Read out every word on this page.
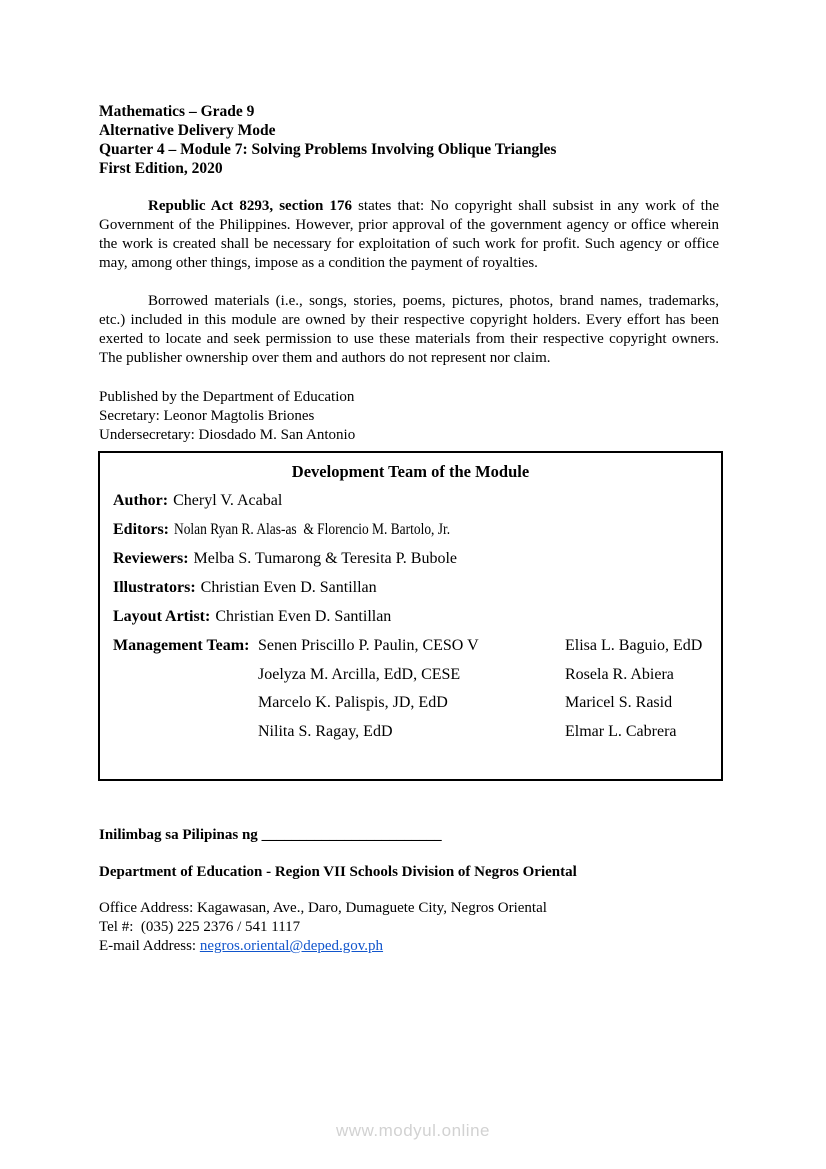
Mathematics – Grade 9
Alternative Delivery Mode
Quarter 4 – Module 7: Solving Problems Involving Oblique Triangles
First Edition, 2020

Republic Act 8293, section 176 states that: No copyright shall subsist in any work of the Government of the Philippines. However, prior approval of the government agency or office wherein the work is created shall be necessary for exploitation of such work for profit. Such agency or office may, among other things, impose as a condition the payment of royalties.

Borrowed materials (i.e., songs, stories, poems, pictures, photos, brand names, trademarks, etc.) included in this module are owned by their respective copyright holders. Every effort has been exerted to locate and seek permission to use these materials from their respective copyright owners. The publisher ownership over them and authors do not represent nor claim.

Published by the Department of Education
Secretary: Leonor Magtolis Briones
Undersecretary: Diosdado M. San Antonio
Development Team of the Module
Author: Cheryl V. Acabal
Editors: Nolan Ryan R. Alas-as  & Florencio M. Bartolo, Jr.
Reviewers: Melba S. Tumarong & Teresita P. Bubole
Illustrators: Christian Even D. Santillan
Layout Artist: Christian Even D. Santillan
Management Team: Senen Priscillo P. Paulin, CESO V	Elisa L. Baguio, EdD
Joelyza M. Arcilla, EdD, CESE	Rosela R. Abiera
Marcelo K. Palispis, JD, EdD	Maricel S. Rasid
Nilita S. Ragay, EdD	Elmar L. Cabrera
Inilimbag sa Pilipinas ng ________________________
Department of Education - Region VII Schools Division of Negros Oriental
Office Address: Kagawasan, Ave., Daro, Dumaguete City, Negros Oriental
Tel #:  (035) 225 2376 / 541 1117
E-mail Address: negros.oriental@deped.gov.ph
www.modyul.online
